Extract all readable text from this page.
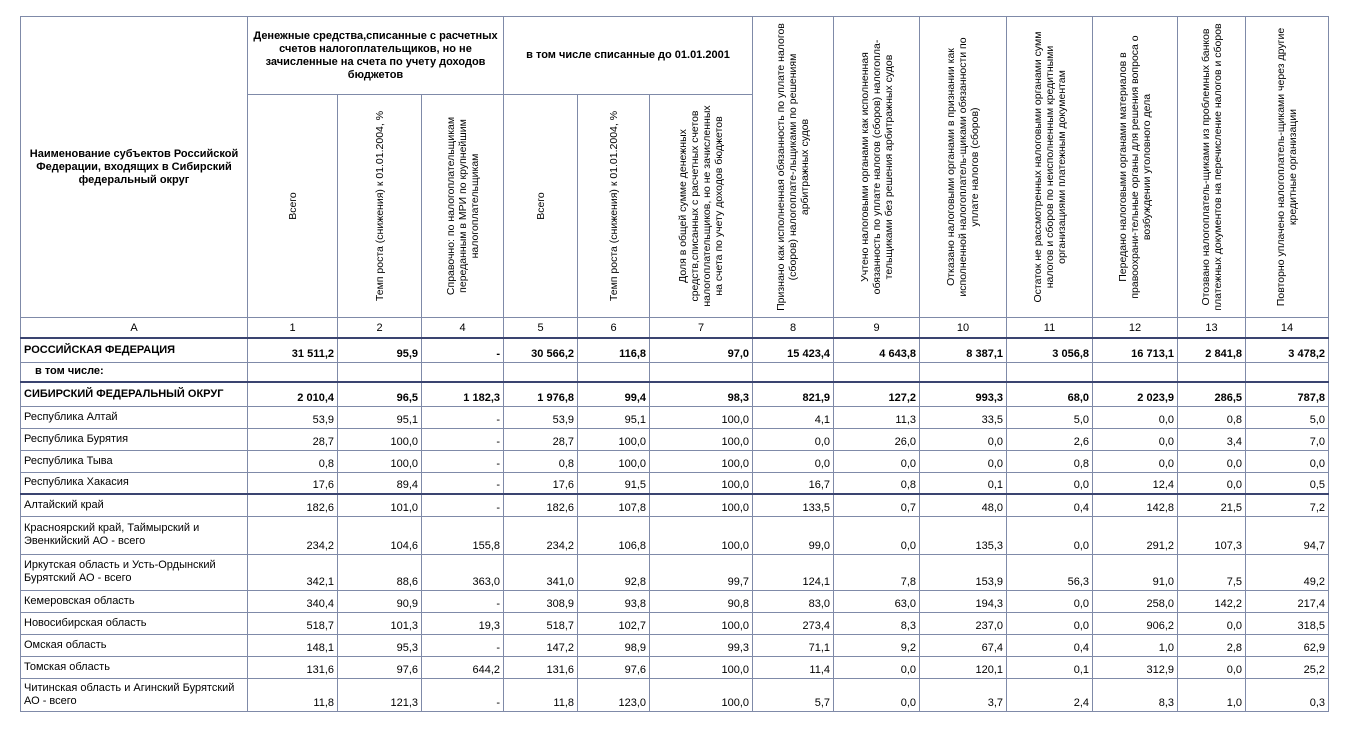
Наименование субъектов Российской Федерации, входящих в Сибирский федеральный округ	Денежные средства,списанные с расчетных счетов налогоплательщиков, но не зачисленные на счета по учету доходов бюджетов			в том числе списанные до 01.01.2001			Признано как исполненная обязанность по уплате налогов (сборов) налогоплате-льщиками по решениям арбитражных судов	Учтено налоговыми органами как исполненная обязанность по уплате налогов (сборов) налогопла-тельщиками без решения арбитражных судов	Отказано налоговыми органами в признании как исполненной налогоплатель-щиками обязанности по уплате налогов (сборов)	Остаток не рассмотренных налоговыми органами сумм налогов и сборов по неисполненным кредитными организациями платежным документам	Передано налоговыми органами материалов в правоохрани-тельные органы для решения вопроса о возбуждении уголовного дела	Отозвано налогоплатель-щиками из проблемных банков платежных документов на перечисление налогов и сборов	Повторно уплачено налогоплатель-щиками через другие кредитные организации

	Всего	Темп роста (снижения) к 01.01.2004, %	Справочно: по налогоплательщикам переданным в МРИ по крупнейшим налогоплательщикам	Всего	Темп роста (снижения) к 01.01.2004, %	Доля в общей сумме денежных средств,списанных с расчетных счетов налогоплательщиков, но не зачисленных на счета по учету доходов бюджетов							

А	1	2	4	5	6	7	8	9	10	11	12	13	14
РОССИЙСКАЯ ФЕДЕРАЦИЯ	31 511,2	95,9	-	30 566,2	116,8	97,0	15 423,4	4 643,8	8 387,1	3 056,8	16 713,1	2 841,8	3 478,2
в том числе:													
СИБИРСКИЙ ФЕДЕРАЛЬНЫЙ ОКРУГ	2 010,4	96,5	1 182,3	1 976,8	99,4	98,3	821,9	127,2	993,3	68,0	2 023,9	286,5	787,8
Республика Алтай	53,9	95,1	-	53,9	95,1	100,0	4,1	11,3	33,5	5,0	0,0	0,8	5,0
Республика Бурятия	28,7	100,0	-	28,7	100,0	100,0	0,0	26,0	0,0	2,6	0,0	3,4	7,0
Республика Тыва	0,8	100,0	-	0,8	100,0	100,0	0,0	0,0	0,0	0,8	0,0	0,0	0,0
Республика Хакасия	17,6	89,4	-	17,6	91,5	100,0	16,7	0,8	0,1	0,0	12,4	0,0	0,5
Алтайский край	182,6	101,0	-	182,6	107,8	100,0	133,5	0,7	48,0	0,4	142,8	21,5	7,2
Красноярский край, Таймырский и Эвенкийский АО - всего	234,2	104,6	155,8	234,2	106,8	100,0	99,0	0,0	135,3	0,0	291,2	107,3	94,7
Иркутская область и Усть-Ордынский Бурятский АО - всего	342,1	88,6	363,0	341,0	92,8	99,7	124,1	7,8	153,9	56,3	91,0	7,5	49,2
Кемеровская область	340,4	90,9	-	308,9	93,8	90,8	83,0	63,0	194,3	0,0	258,0	142,2	217,4
Новосибирская область	518,7	101,3	19,3	518,7	102,7	100,0	273,4	8,3	237,0	0,0	906,2	0,0	318,5
Омская область	148,1	95,3	-	147,2	98,9	99,3	71,1	9,2	67,4	0,4	1,0	2,8	62,9
Томская область	131,6	97,6	644,2	131,6	97,6	100,0	11,4	0,0	120,1	0,1	312,9	0,0	25,2
Читинская область и Агинский Бурятский АО - всего	11,8	121,3	-	11,8	123,0	100,0	5,7	0,0	3,7	2,4	8,3	1,0	0,3
